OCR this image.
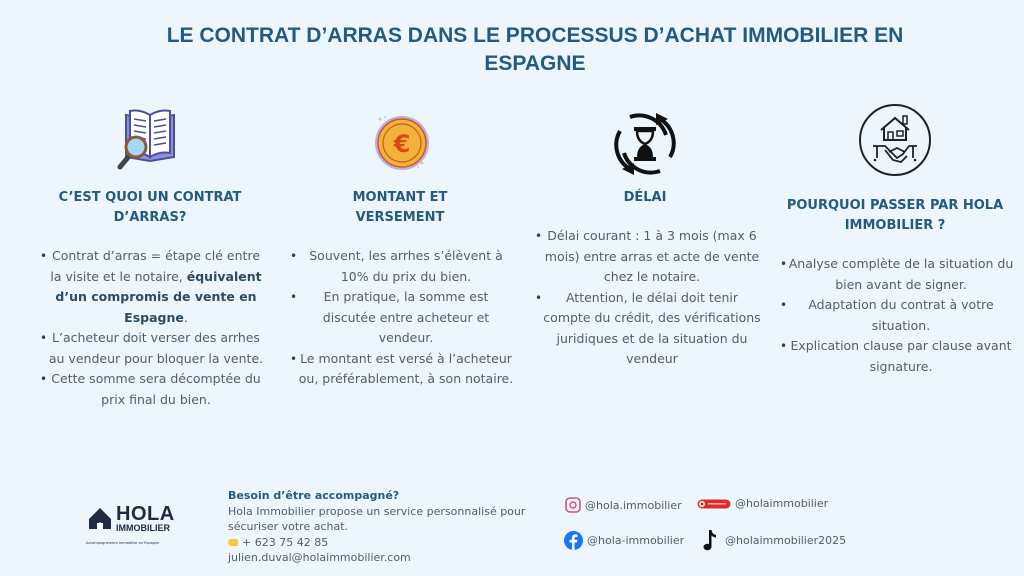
LE CONTRAT D’ARRAS DANS LE PROCESSUS D’ACHAT IMMOBILIER EN
ESPAGNE
C’EST QUOI UN CONTRAT
D’ARRAS?
• Contrat d’arras = étape clé entre la visite et le notaire, équivalent d’un compromis de vente en Espagne.
• L’acheteur doit verser des arrhes au vendeur pour bloquer la vente.
• Cette somme sera décomptée du prix final du bien.
€
MONTANT ET
VERSEMENT
• Souvent, les arrhes s’élèvent à 10% du prix du bien.
• En pratique, la somme est discutée entre acheteur et vendeur.
• Le montant est versé à l’acheteur ou, préférablement, à son notaire.
DÉLAI
• Délai courant : 1 à 3 mois (max 6 mois) entre arras et acte de vente chez le notaire.
• Attention, le délai doit tenir compte du crédit, des vérifications juridiques et de la situation du vendeur
POURQUOI PASSER PAR HOLA
IMMOBILIER ?
• Analyse complète de la situation du bien avant de signer.
• Adaptation du contrat à votre situation.
• Explication clause par clause avant signature.
HOLA
IMMOBILIER
Accompagnement Immobilier en Espagne
Besoin d’être accompagné?
Hola Immobilier propose un service personnalisé pour
sécuriser votre achat.
+ 623 75 42 85
julien.duval@holaimmobilier.com
@hola.immobilier	@holaimmobilier
@hola-immobilier	@holaimmobilier2025
